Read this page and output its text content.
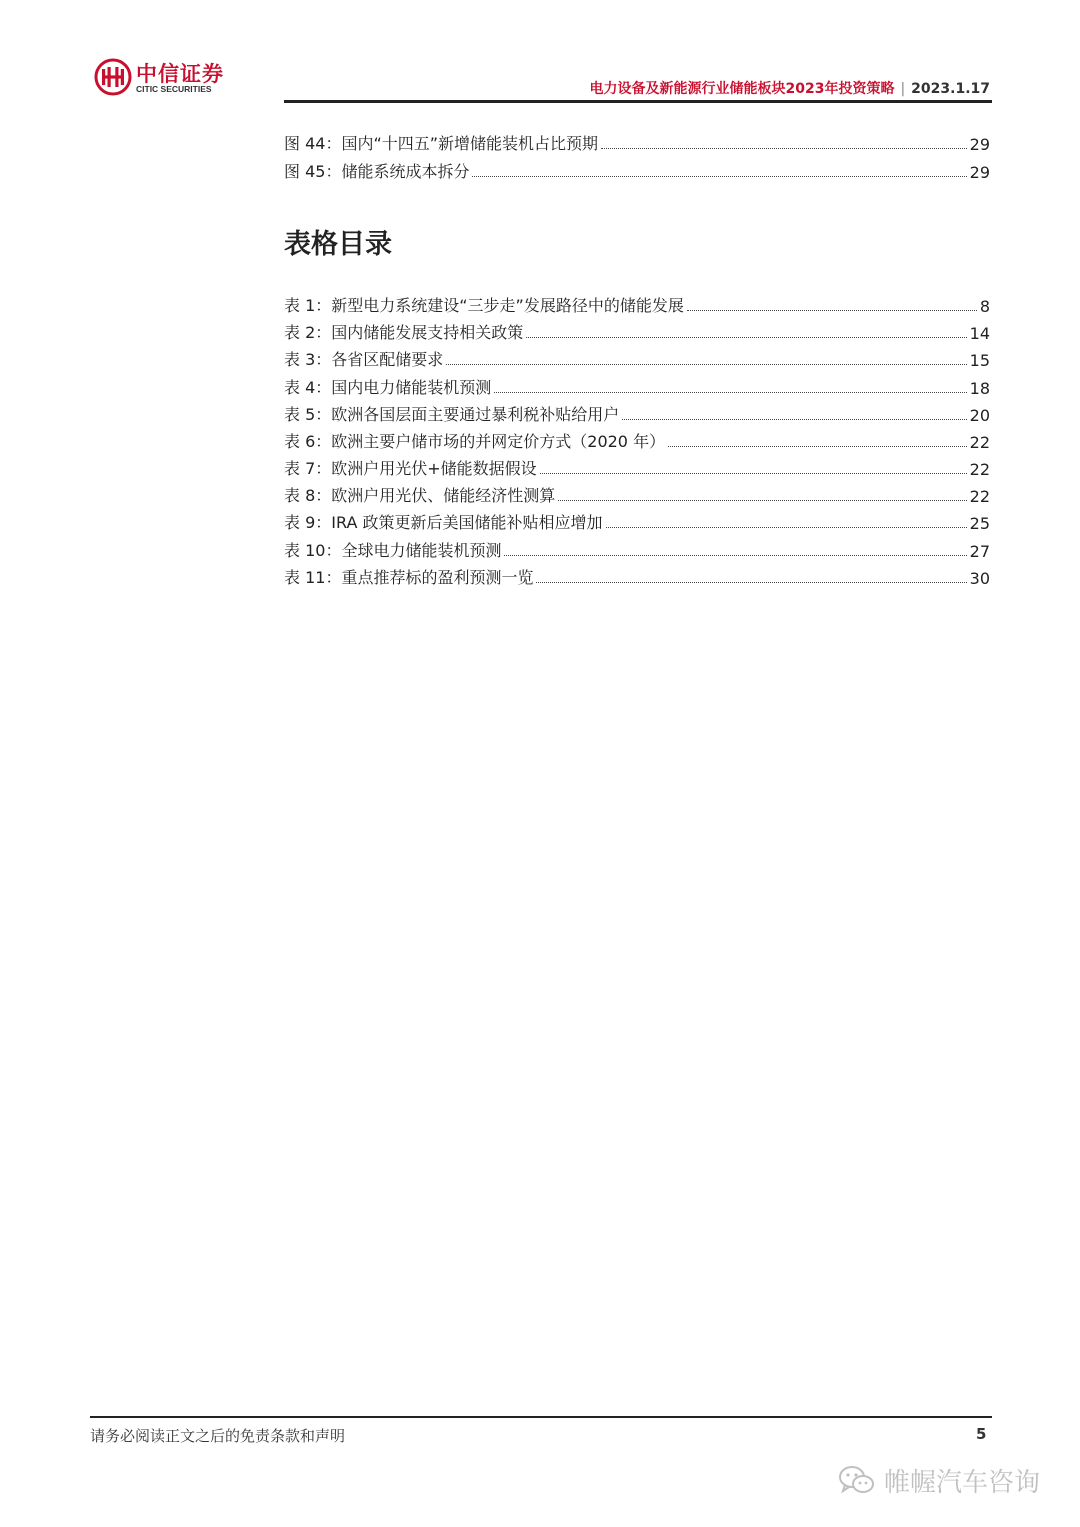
中信证券
CITIC SECURITIES	电力设备及新能源行业储能板块2023年投资策略 | 2023.1.17
图 44：国内“十四五”新增储能装机占比预期	29
图 45：储能系统成本拆分	29
表格目录
表 1：新型电力系统建设“三步走”发展路径中的储能发展	8
表 2：国内储能发展支持相关政策	14
表 3：各省区配储要求	15
表 4：国内电力储能装机预测	18
表 5：欧洲各国层面主要通过暴利税补贴给用户	20
表 6：欧洲主要户储市场的并网定价方式（2020 年）	22
表 7：欧洲户用光伏+储能数据假设	22
表 8：欧洲户用光伏、储能经济性测算	22
表 9：IRA 政策更新后美国储能补贴相应增加	25
表 10：全球电力储能装机预测	27
表 11：重点推荐标的盈利预测一览	30
请务必阅读正文之后的免责条款和声明	5
帷幄汽车咨询
